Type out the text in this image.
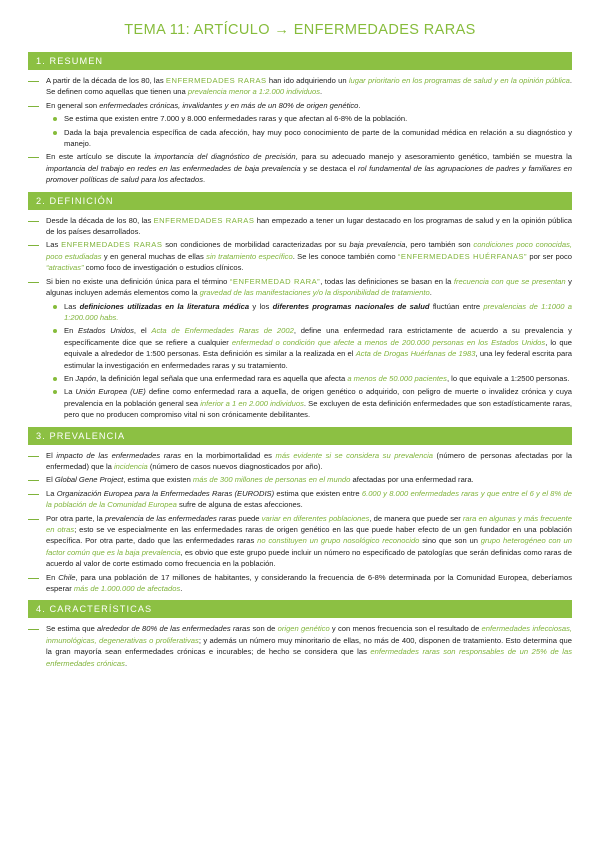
TEMA 11: ARTÍCULO → ENFERMEDADES RARAS
1. RESUMEN

A partir de la década de los 80, las ENFERMEDADES RARAS han ido adquiriendo un lugar prioritario en los programas de salud y en la opinión pública. Se definen como aquellas que tienen una prevalencia menor a 1:2.000 individuos.

En general son enfermedades crónicas, invalidantes y en más de un 80% de origen genético.

Se estima que existen entre 7.000 y 8.000 enfermedades raras y que afectan al 6-8% de la población.

Dada la baja prevalencia específica de cada afección, hay muy poco conocimiento de parte de la comunidad médica en relación a su diagnóstico y manejo.

En este artículo se discute la importancia del diagnóstico de precisión, para su adecuado manejo y asesoramiento genético, también se muestra la importancia del trabajo en redes en las enfermedades de baja prevalencia y se destaca el rol fundamental de las agrupaciones de padres y familiares en promover políticas de salud para los afectados.

2. DEFINICIÓN

Desde la década de los 80, las ENFERMEDADES RARAS han empezado a tener un lugar destacado en los programas de salud y en la opinión pública de los países desarrollados.

Las ENFERMEDADES RARAS son condiciones de morbilidad caracterizadas por su baja prevalencia, pero también son condiciones poco conocidas, poco estudiadas y en general muchas de ellas sin tratamiento específico. Se les conoce también como “ENFERMEDADES HUÉRFANAS” por ser poco “atractivas” como foco de investigación o estudios clínicos.

Si bien no existe una definición única para el término “ENFERMEDAD RARA”, todas las definiciones se basan en la frecuencia con que se presentan y algunas incluyen además elementos como la gravedad de las manifestaciones y/o la disponibilidad de tratamiento.

Las definiciones utilizadas en la literatura médica y los diferentes programas nacionales de salud fluctúan entre prevalencias de 1:1000 a 1:200.000 habs.

En Estados Unidos, el Acta de Enfermedades Raras de 2002, define una enfermedad rara estrictamente de acuerdo a su prevalencia y específicamente dice que se refiere a cualquier enfermedad o condición que afecte a menos de 200.000 personas en los Estados Unidos, lo que equivale a alrededor de 1:500 personas. Esta definición es similar a la realizada en el Acta de Drogas Huérfanas de 1983, una ley federal escrita para estimular la investigación en enfermedades raras y su tratamiento.

En Japón, la definición legal señala que una enfermedad rara es aquella que afecta a menos de 50.000 pacientes, lo que equivale a 1:2500 personas.

La Unión Europea (UE) define como enfermedad rara a aquella, de origen genético o adquirido, con peligro de muerte o invalidez crónica y cuya prevalencia en la población general sea inferior a 1 en 2.000 individuos. Se excluyen de esta definición enfermedades que son estadísticamente raras, pero que no producen compromiso vital ni son crónicamente debilitantes.

3. PREVALENCIA

El impacto de las enfermedades raras en la morbimortalidad es más evidente si se considera su prevalencia (número de personas afectadas por la enfermedad) que la incidencia (número de casos nuevos diagnosticados por año).

El Global Gene Project, estima que existen más de 300 millones de personas en el mundo afectadas por una enfermedad rara.

La Organización Europea para la Enfermedades Raras (EURODIS) estima que existen entre 6.000 y 8.000 enfermedades raras y que entre el 6 y el 8% de la población de la Comunidad Europea sufre de alguna de estas afecciones.

Por otra parte, la prevalencia de las enfermedades raras puede variar en diferentes poblaciones, de manera que puede ser rara en algunas y más frecuente en otras; esto se ve especialmente en las enfermedades raras de origen genético en las que puede haber efecto de un gen fundador en una población específica. Por otra parte, dado que las enfermedades raras no constituyen un grupo nosológico reconocido sino que son un grupo heterogéneo con un factor común que es la baja prevalencia, es obvio que este grupo puede incluir un número no especificado de patologías que serán definidas como raras de acuerdo al valor de corte estimado como frecuencia en la población.

En Chile, para una población de 17 millones de habitantes, y considerando la frecuencia de 6-8% determinada por la Comunidad Europea, deberíamos esperar más de 1.000.000 de afectados.

4. CARACTERÍSTICAS

Se estima que alrededor de 80% de las enfermedades raras son de origen genético y con menos frecuencia son el resultado de enfermedades infecciosas, inmunológicas, degenerativas o proliferativas; y además un número muy minoritario de ellas, no más de 400, disponen de tratamiento. Esto determina que la gran mayoría sean enfermedades crónicas e incurables; de hecho se considera que las enfermedades raras son responsables de un 25% de las enfermedades crónicas.
